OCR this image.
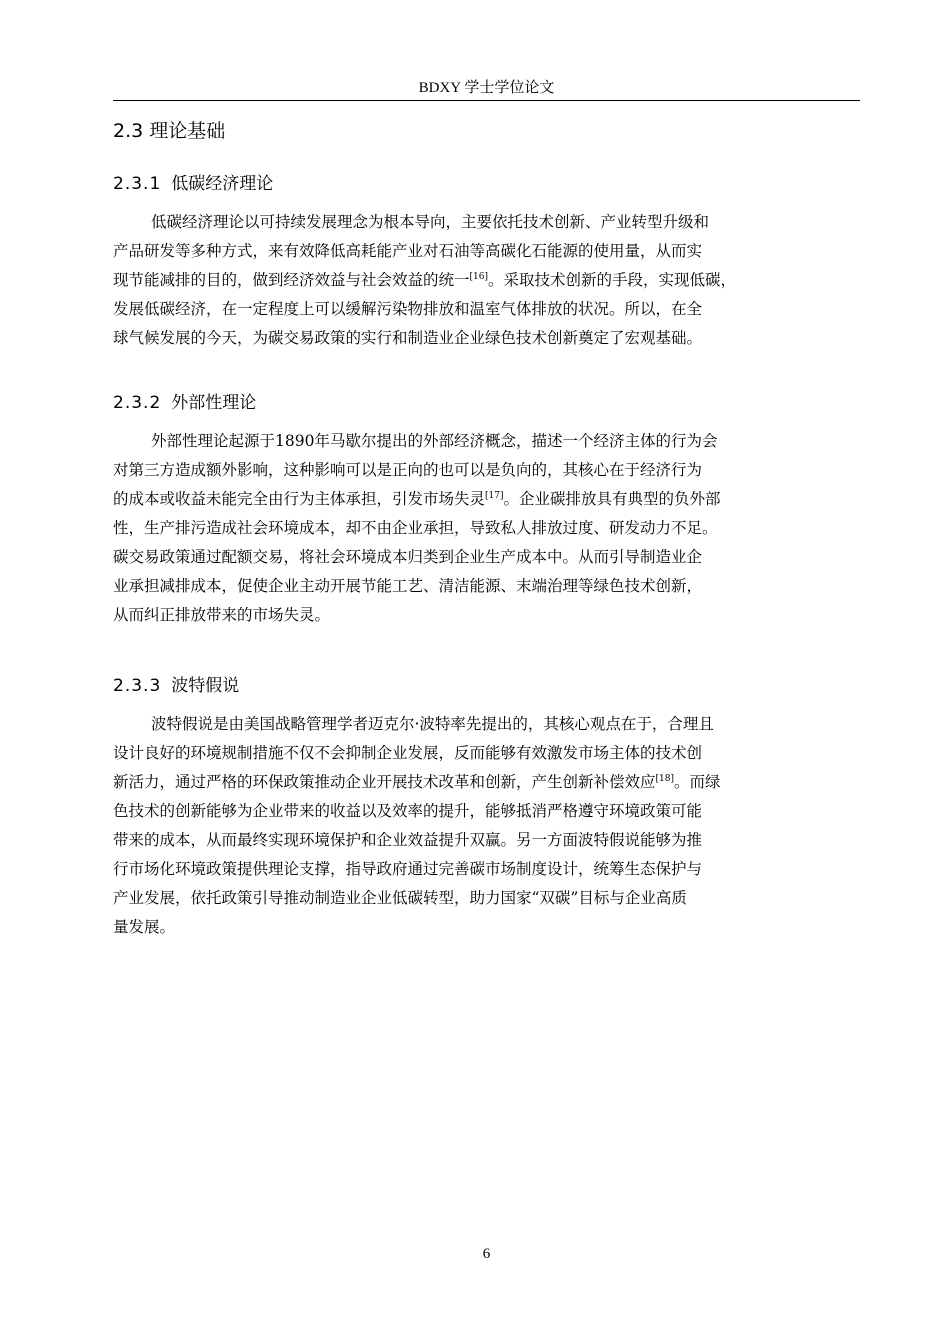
BDXY 学士学位论文
2.3 理论基础
2.3.1 低碳经济理论
低碳经济理论以可持续发展理念为根本导向，主要依托技术创新、产业转型升级和
产品研发等多种方式，来有效降低高耗能产业对石油等高碳化石能源的使用量，从而实
现节能减排的目的，做到经济效益与社会效益的统一[16]。采取技术创新的手段，实现低碳，
发展低碳经济，在一定程度上可以缓解污染物排放和温室气体排放的状况。所以，在全
球气候发展的今天，为碳交易政策的实行和制造业企业绿色技术创新奠定了宏观基础。
2.3.2 外部性理论
外部性理论起源于1890年马歇尔提出的外部经济概念，描述一个经济主体的行为会
对第三方造成额外影响，这种影响可以是正向的也可以是负向的，其核心在于经济行为
的成本或收益未能完全由行为主体承担，引发市场失灵[17]。企业碳排放具有典型的负外部
性，生产排污造成社会环境成本，却不由企业承担，导致私人排放过度、研发动力不足。
碳交易政策通过配额交易，将社会环境成本归类到企业生产成本中。从而引导制造业企
业承担减排成本，促使企业主动开展节能工艺、清洁能源、末端治理等绿色技术创新，
从而纠正排放带来的市场失灵。
2.3.3 波特假说
波特假说是由美国战略管理学者迈克尔·波特率先提出的，其核心观点在于，合理且
设计良好的环境规制措施不仅不会抑制企业发展，反而能够有效激发市场主体的技术创
新活力，通过严格的环保政策推动企业开展技术改革和创新，产生创新补偿效应[18]。而绿
色技术的创新能够为企业带来的收益以及效率的提升，能够抵消严格遵守环境政策可能
带来的成本，从而最终实现环境保护和企业效益提升双赢。另一方面波特假说能够为推
行市场化环境政策提供理论支撑，指导政府通过完善碳市场制度设计，统筹生态保护与
产业发展，依托政策引导推动制造业企业低碳转型，助力国家“双碳”目标与企业高质
量发展。
6
